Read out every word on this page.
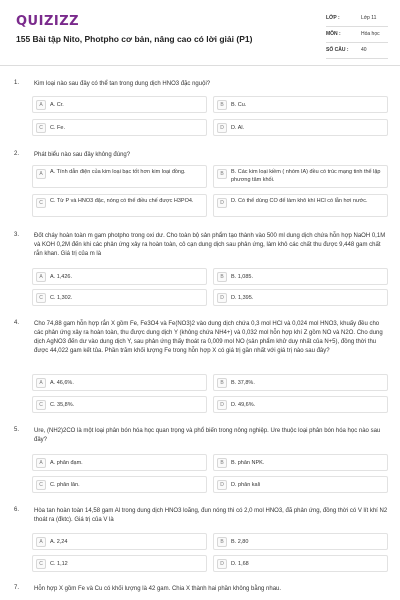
QUIZIZZ
155 Bài tập Nito, Photpho cơ bản, nâng cao có lời giải (P1)
LỚP :	Lớp 11
MÔN :	Hóa học
SỐ CÂU :	40
1. Kim loại nào sau đây có thể tan trong dung dịch HNO3 đặc nguội?
A	A. Cr.	B	B. Cu.
C	C. Fe.	D	D. Al.
2. Phát biểu nào sau đây không đúng?
A	A. Tính dẫn điện của kim loại bạc tốt hơn kim loại đồng.	B	B. Các kim loại kiềm ( nhóm IA) đều có trúc mạng tinh thể lập phương tâm khối.
C	C. Từ P và HNO3 đặc, nóng có thể điều chế được H3PO4.	D	D. Có thể dùng CO để làm khô khí HCl có lẫn hơi nước.
3. Đốt cháy hoàn toàn m gam photpho trong oxi dư. Cho toàn bộ sản phẩm tạo thành vào 500 ml dung dịch chứa hỗn hợp NaOH 0,1M và KOH 0,2M đến khi các phản ứng xảy ra hoàn toàn, cô cạn dung dịch sau phản ứng, làm khô các chất thu được 9,448 gam chất rắn khan. Giá trị của m là
A	A. 1,426.	B	B. 1,085.
C	C. 1,302.	D	D. 1,395.
4. Cho 74,88 gam hỗn hợp rắn X gồm Fe, Fe3O4 và Fe(NO3)2 vào dung dịch chứa 0,3 mol HCl và 0,024 mol HNO3, khuấy đều cho các phản ứng xảy ra hoàn toàn, thu được dung dịch Y (không chứa NH4+) và 0,032 mol hỗn hợp khí Z gồm NO và N2O. Cho dung dịch AgNO3 đến dư vào dung dịch Y, sau phản ứng thấy thoát ra 0,009 mol NO (sản phẩm khử duy nhất của N+5), đồng thời thu được 44,022 gam kết tủa. Phần trăm khối lượng Fe trong hỗn hợp X có giá trị gần nhất với giá trị nào sau đây?
A	A. 46,6%.	B	B. 37,8%.
C	C. 35,8%.	D	D. 49,6%.
5. Ure, (NH2)2CO là một loại phân bón hóa học quan trọng và phổ biến trong nông nghiệp. Ure thuộc loại phân bón hóa học nào sau đây?
A	A. phân đạm.	B	B. phân NPK.
C	C. phân lân.	D	D. phân kali
6. Hòa tan hoàn toàn 14,58 gam Al trong dung dịch HNO3 loãng, đun nóng thì có 2,0 mol HNO3, đã phản ứng, đồng thời có V lít khí N2 thoát ra (đktc). Giá trị của V là
A	A. 2,24	B	B. 2,80
C	C. 1,12	D	D. 1,68
7. Hỗn hợp X gồm Fe và Cu có khối lượng là 42 gam. Chia X thành hai phần không bằng nhau.
